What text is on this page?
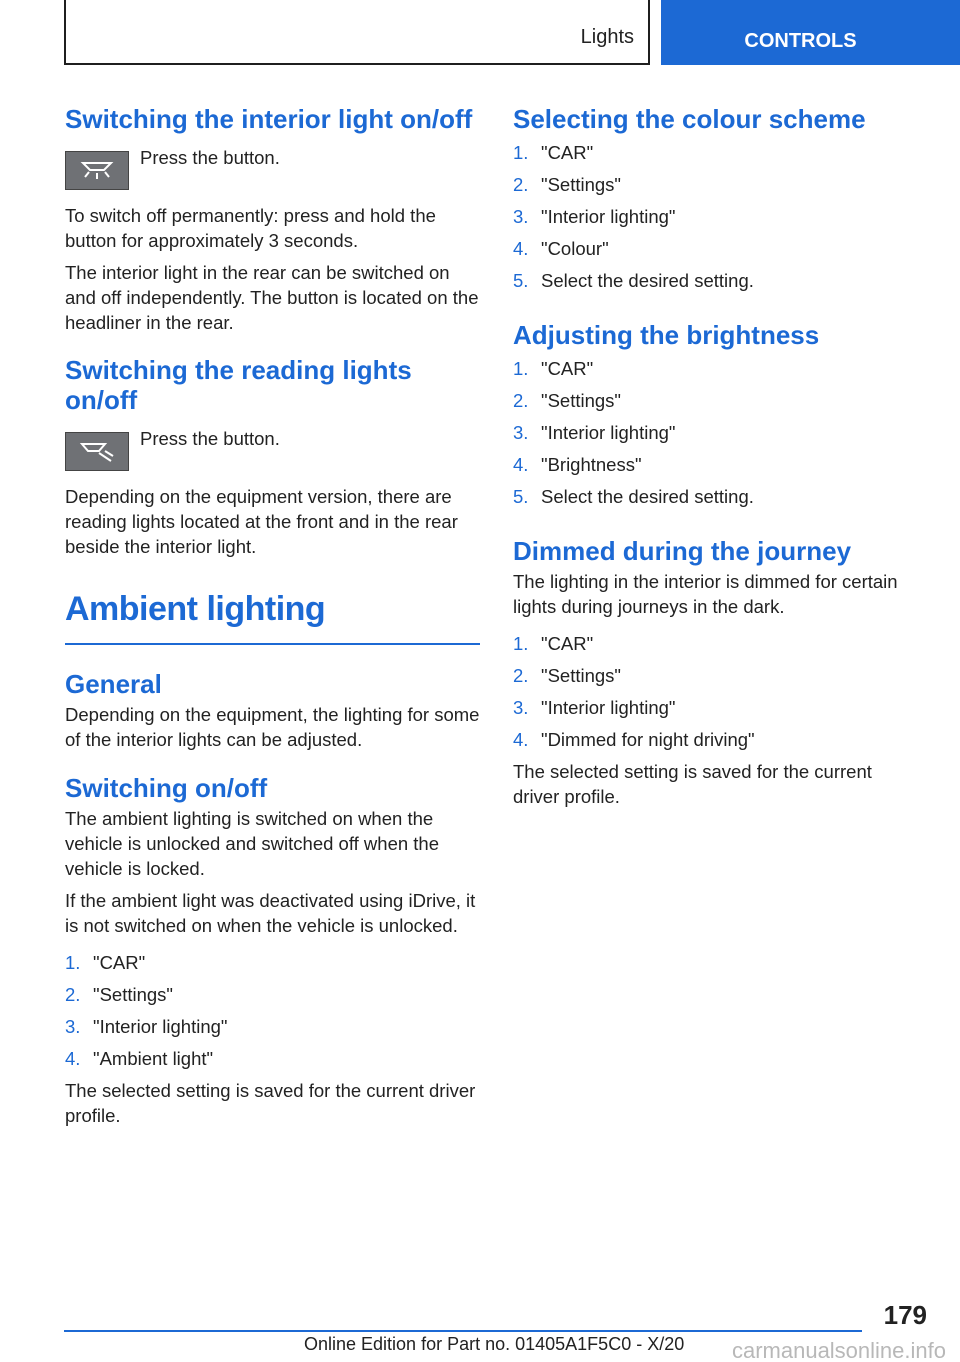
Lights	CONTROLS
Switching the interior light on/off

Press the button.

To switch off permanently: press and hold the button for approximately 3 seconds.

The interior light in the rear can be switched on and off independently. The button is located on the headliner in the rear.

Switching the reading lights on/off

Press the button.

Depending on the equipment version, there are reading lights located at the front and in the rear beside the interior light.

Ambient lighting
General

Depending on the equipment, the lighting for some of the interior lights can be adjusted.

Switching on/off

The ambient lighting is switched on when the vehicle is unlocked and switched off when the vehicle is locked.

If the ambient light was deactivated using iDrive, it is not switched on when the vehicle is unlocked.

1. "CAR"
2. "Settings"
3. "Interior lighting"
4. "Ambient light"

The selected setting is saved for the current driver profile.

Selecting the colour scheme
1. "CAR"
2. "Settings"
3. "Interior lighting"
4. "Colour"
5. Select the desired setting.
Adjusting the brightness
1. "CAR"
2. "Settings"
3. "Interior lighting"
4. "Brightness"
5. Select the desired setting.
Dimmed during the journey

The lighting in the interior is dimmed for certain lights during journeys in the dark.

1. "CAR"
2. "Settings"
3. "Interior lighting"
4. "Dimmed for night driving"

The selected setting is saved for the current driver profile.

179
Online Edition for Part no. 01405A1F5C0 - X/20 carmanualsonline.info
